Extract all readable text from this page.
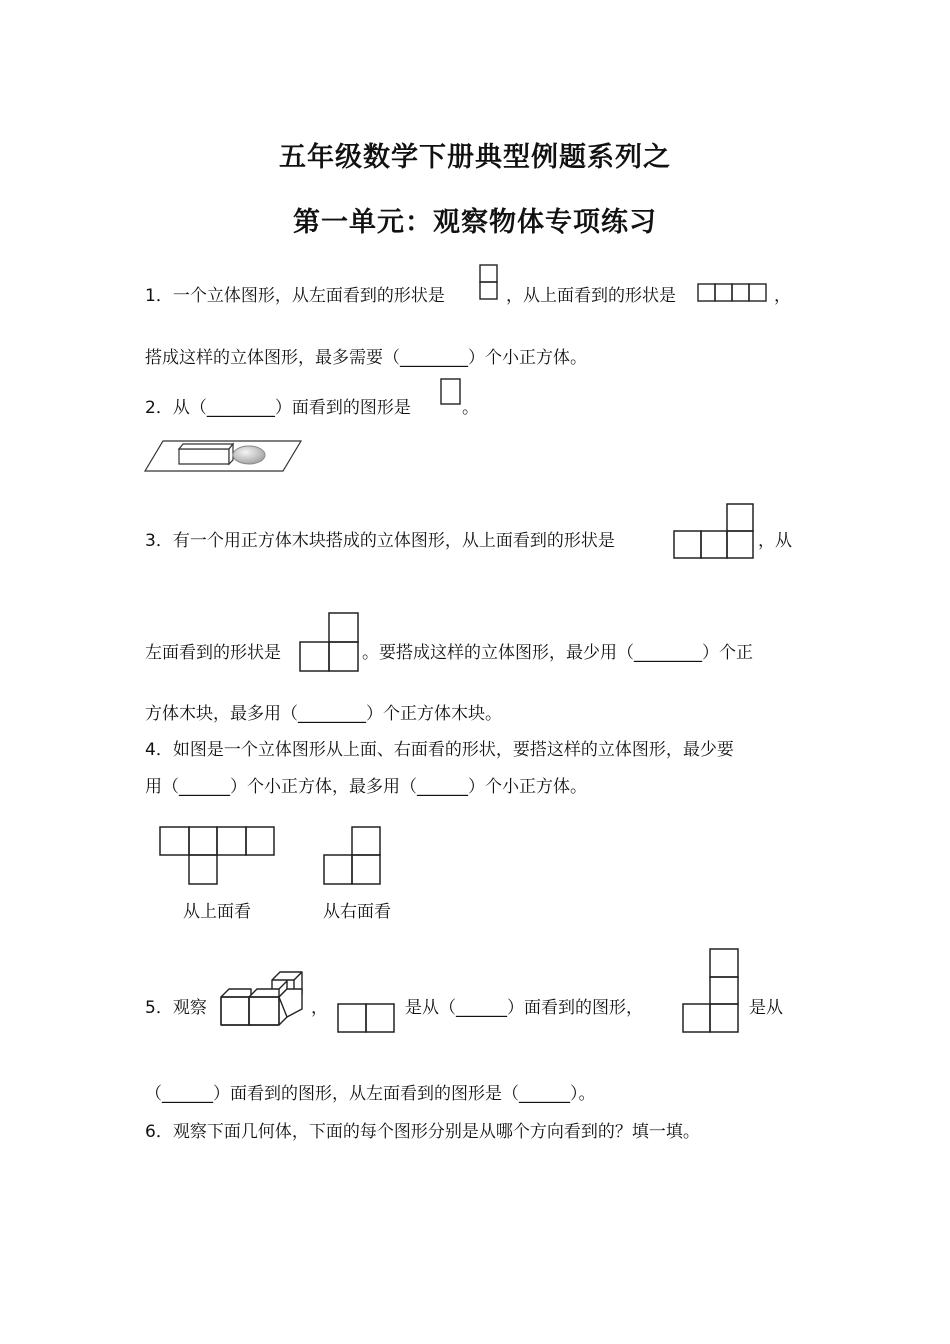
五年级数学下册典型例题系列之
第一单元：观察物体专项练习
1．一个立体图形，从左面看到的形状是	，从上面看到的形状是	，
搭成这样的立体图形，最多需要（________）个小正方体。
2．从（________）面看到的图形是	。
3．有一个用正方体木块搭成的立体图形，从上面看到的形状是	，从
左面看到的形状是	。要搭成这样的立体图形，最少用（________）个正
方体木块，最多用（________）个正方体木块。
4．如图是一个立体图形从上面、右面看的形状，要搭这样的立体图形，最少要
用（______）个小正方体，最多用（______）个小正方体。
从上面看	从右面看
5．观察	，	是从（______）面看到的图形，	是从
（______）面看到的图形，从左面看到的图形是（______）。
6．观察下面几何体，下面的每个图形分别是从哪个方向看到的？填一填。
